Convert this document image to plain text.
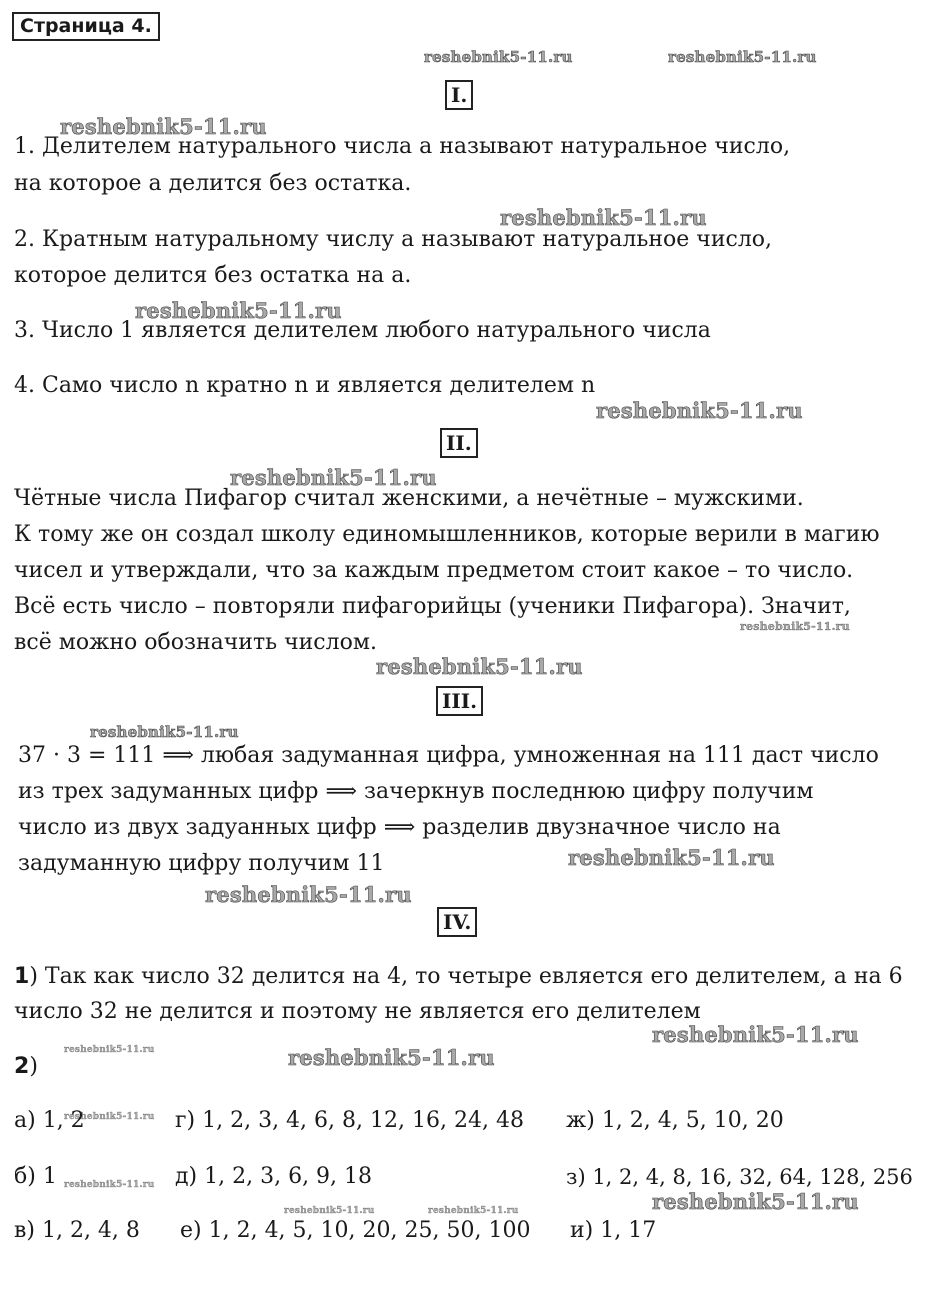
Страница 4.
reshebnik5-11.ru	reshebnik5-11.ru
reshebnik5-11.ru
reshebnik5-11.ru
reshebnik5-11.ru
reshebnik5-11.ru
reshebnik5-11.ru
reshebnik5-11.ru
reshebnik5-11.ru
reshebnik5-11.ru
reshebnik5-11.ru
reshebnik5-11.ru
reshebnik5-11.ru
reshebnik5-11.ru	reshebnik5-11.ru
reshebnik5-11.ru
reshebnik5-11.ru
reshebnik5-11.ru
reshebnik5-11.ru	reshebnik5-11.ru
I.
1. Делителем натурального числа a называют натуральное число,
на которое a делится без остатка.
2. Кратным натуральному числу а называют натуральное число,
которое делится без остатка на а.
3. Число 1 является делителем любого натурального числа
4. Само число n кратно n и является делителем n
II.
Чётные числа Пифагор считал женскими, а нечётные – мужскими.
К тому же он создал школу единомышленников, которые верили в магию
чисел и утверждали, что за каждым предметом стоит какое – то число.
Всё есть число – повторяли пифагорийцы (ученики Пифагора). Значит,
всё можно обозначить числом.
III.
37 · 3 = 111 ⟹ любая задуманная цифра, умноженная на 111 даст число
из трех задуманных цифр ⟹ зачеркнув последнюю цифру получим
число из двух задуанных цифр ⟹ разделив двузначное число на
задуманную цифру получим 11
IV.
1) Так как число 32 делится на 4, то четыре евляется его делителем, а на 6
число 32 не делится и поэтому не является его делителем
2)
а) 1, 2	г) 1, 2, 3, 4, 6, 8, 12, 16, 24, 48 ж) 1, 2, 4, 5, 10, 20
б) 1	д) 1, 2, 3, 6, 9, 18	з) 1, 2, 4, 8, 16, 32, 64, 128, 256
в) 1, 2, 4, 8 е) 1, 2, 4, 5, 10, 20, 25, 50, 100 и) 1, 17
